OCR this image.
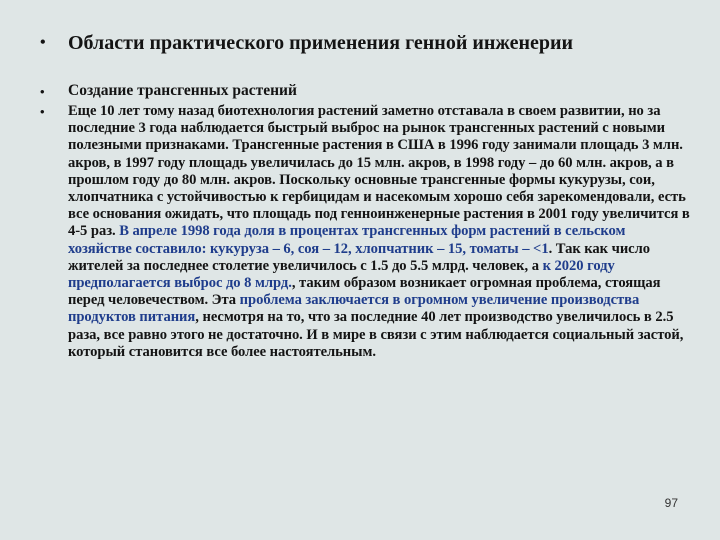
•	Области практического применения генной инженерии
•	Создание трансгенных растений
•	Еще 10 лет тому назад биотехнология растений заметно отставала в своем развитии, но за последние 3 года наблюдается быстрый выброс на рынок трансгенных растений с новыми полезными признаками. Трансгенные растения в США в 1996 году занимали площадь 3 млн. акров, в 1997 году площадь увеличилась до 15 млн. акров, в 1998 году – до 60 млн. акров, а в прошлом году до 80 млн. акров. Поскольку основные трансгенные формы кукурузы, сои, хлопчатника с устойчивостью к гербицидам и насекомым хорошо себя зарекомендовали, есть все основания ожидать, что площадь под генноинженерные растения в 2001 году увеличится в 4-5 раз. В апреле 1998 года доля в процентах трансгенных форм растений в сельском хозяйстве составило: кукуруза – 6, соя – 12, хлопчатник – 15, томаты – <1. Так как число жителей за последнее столетие увеличилось с 1.5 до 5.5 млрд. человек, а к 2020 году предполагается выброс до 8 млрд., таким образом возникает огромная проблема, стоящая перед человечеством. Эта проблема заключается в огромном увеличение производства продуктов питания, несмотря на то, что за последние 40 лет производство увеличилось в 2.5 раза, все равно этого не достаточно. И в мире в связи с этим наблюдается социальный застой, который становится все более настоятельным.
97
